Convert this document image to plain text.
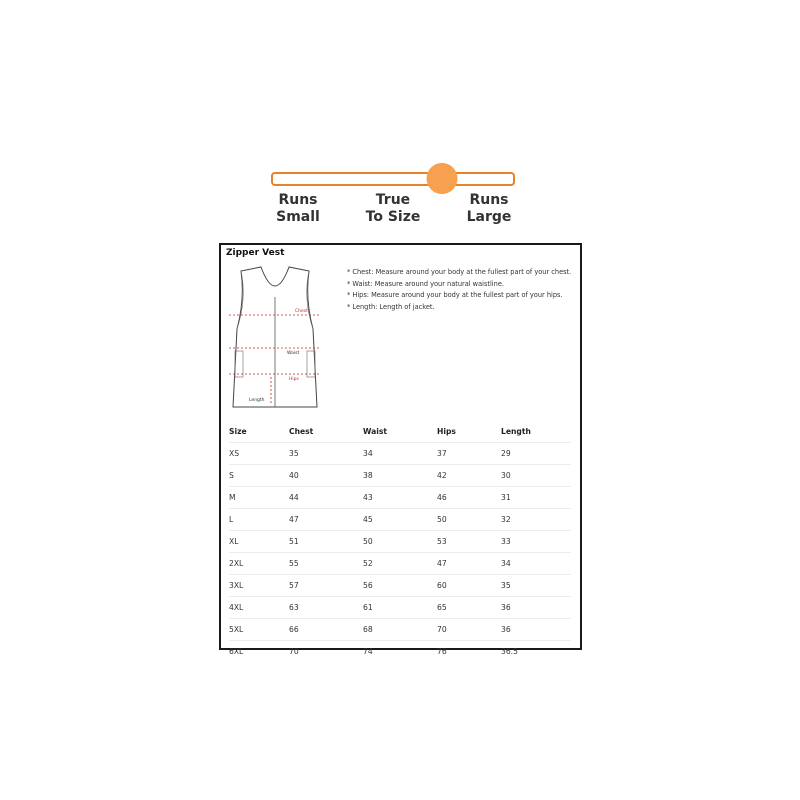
Runs
Small
True
To Size
Runs
Large
Zipper Vest
Chest
Waist
Hips
Length
* Chest: Measure around your body at the fullest part of your chest.
* Waist: Measure around your natural waistline.
* Hips: Measure around your body at the fullest part of your hips.
* Length: Length of jacket.
Size	Chest	Waist	Hips	Length
XS	35	34	37	29
S	40	38	42	30
M	44	43	46	31
L	47	45	50	32
XL	51	50	53	33
2XL	55	52	47	34
3XL	57	56	60	35
4XL	63	61	65	36
5XL	66	68	70	36
6XL	70	74	76	36.5
